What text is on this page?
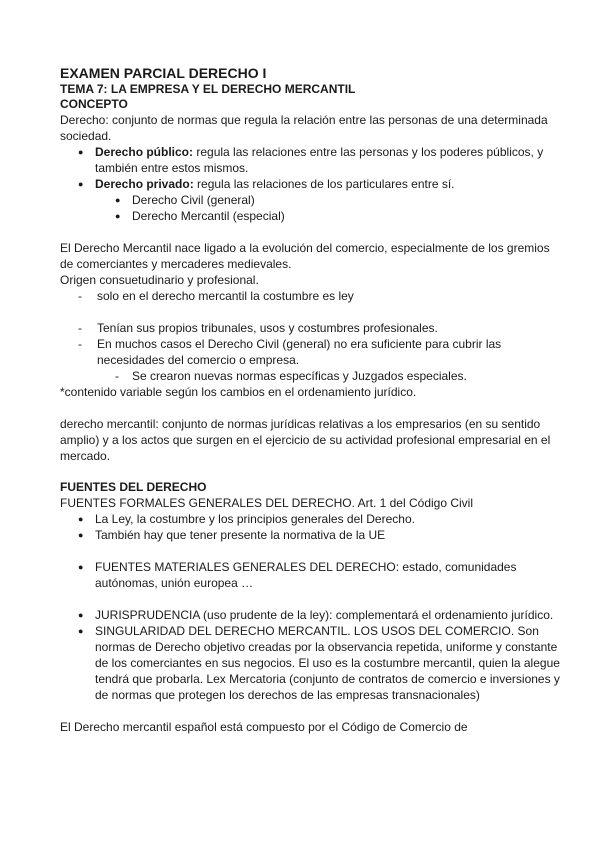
EXAMEN PARCIAL DERECHO I

TEMA 7: LA EMPRESA Y EL DERECHO MERCANTIL

CONCEPTO

Derecho: conjunto de normas que regula la relación entre las personas de una determinada sociedad.

● Derecho público: regula las relaciones entre las personas y los poderes públicos, y también entre estos mismos.
● Derecho privado: regula las relaciones de los particulares entre sí.
● Derecho Civil (general)
● Derecho Mercantil (especial)

El Derecho Mercantil nace ligado a la evolución del comercio, especialmente de los gremios de comerciantes y mercaderes medievales.

Origen consuetudinario y profesional.

- solo en el derecho mercantil la costumbre es ley
- Tenían sus propios tribunales, usos y costumbres profesionales.
- En muchos casos el Derecho Civil (general) no era suficiente para cubrir las necesidades del comercio o empresa.
- Se crearon nuevas normas específicas y Juzgados especiales.

*contenido variable según los cambios en el ordenamiento jurídico.

derecho mercantil: conjunto de normas jurídicas relativas a los empresarios (en su sentido amplio) y a los actos que surgen en el ejercicio de su actividad profesional empresarial en el mercado.

FUENTES DEL DERECHO

FUENTES FORMALES GENERALES DEL DERECHO. Art. 1 del Código Civil

● La Ley, la costumbre y los principios generales del Derecho.
● También hay que tener presente la normativa de la UE
● FUENTES MATERIALES GENERALES DEL DERECHO: estado, comunidades autónomas, unión europea …
● JURISPRUDENCIA (uso prudente de la ley): complementará el ordenamiento jurídico.
● SINGULARIDAD DEL DERECHO MERCANTIL. LOS USOS DEL COMERCIO. Son normas de Derecho objetivo creadas por la observancia repetida, uniforme y constante de los comerciantes en sus negocios. El uso es la costumbre mercantil, quien la alegue tendrá que probarla. Lex Mercatoria (conjunto de contratos de comercio e inversiones y de normas que protegen los derechos de las empresas transnacionales)

El Derecho mercantil español está compuesto por el Código de Comercio de
